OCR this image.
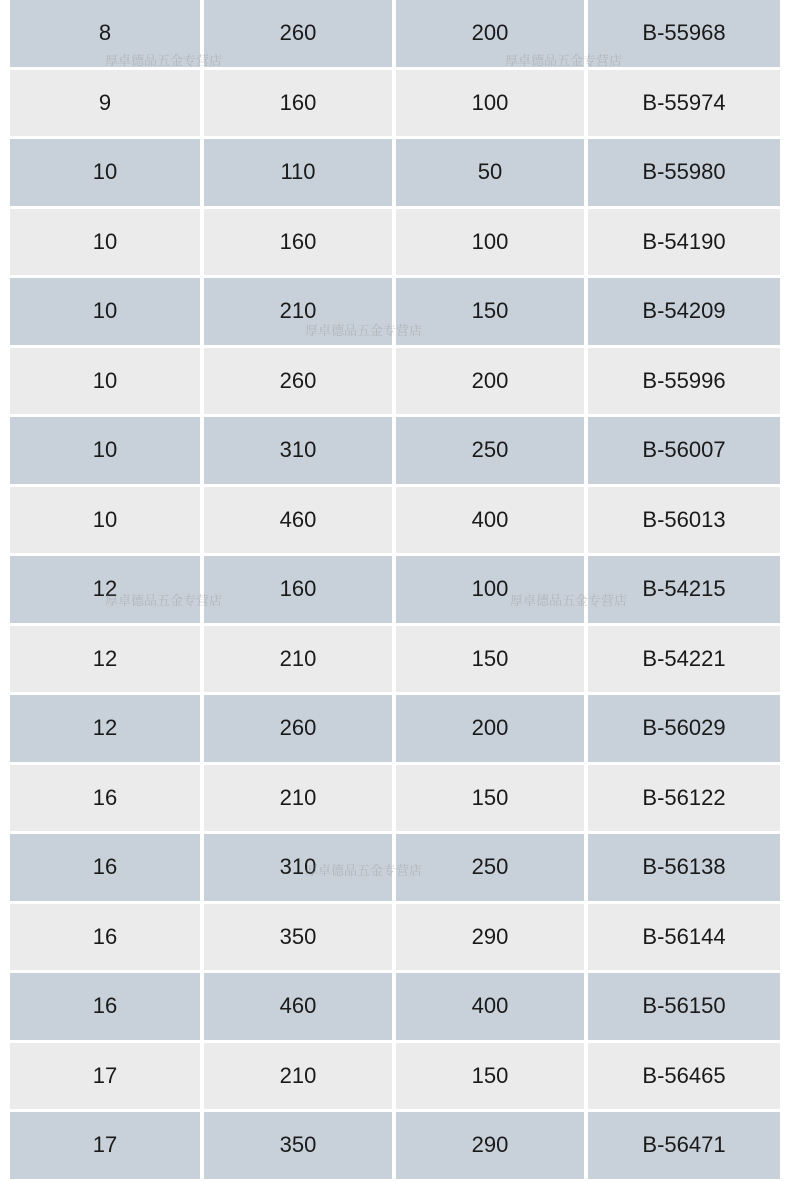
8	260	200	B-55968
9	160	100	B-55974
10	110	50	B-55980
10	160	100	B-54190
10	210	150	B-54209
10	260	200	B-55996
10	310	250	B-56007
10	460	400	B-56013
12	160	100	B-54215
12	210	150	B-54221
12	260	200	B-56029
16	210	150	B-56122
16	310	250	B-56138
16	350	290	B-56144
16	460	400	B-56150
17	210	150	B-56465
17	350	290	B-56471
厚卓德品五金专营店	厚卓德品五金专营店
厚卓德品五金专营店
厚卓德品五金专营店	厚卓德品五金专营店
厚卓德品五金专营店
